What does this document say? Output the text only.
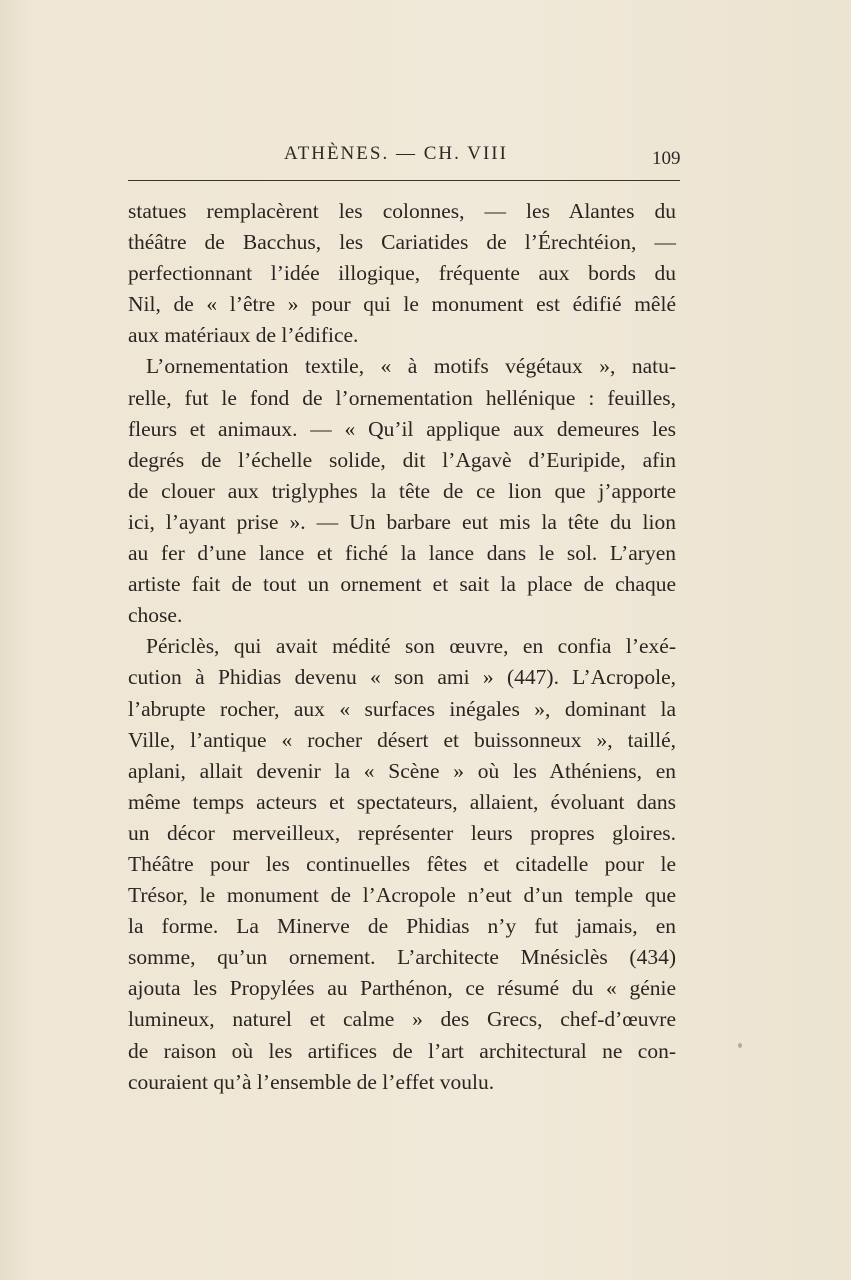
ATHÈNES. — CH. VIII	109
statues remplacèrent les colonnes, — les Alantes du
théâtre de Bacchus, les Cariatides de l’Érechtéion, —
perfectionnant l’idée illogique, fréquente aux bords du
Nil, de « l’être » pour qui le monument est édifié mêlé
aux matériaux de l’édifice.
L’ornementation textile, « à motifs végétaux », natu-
relle, fut le fond de l’ornementation hellénique : feuilles,
fleurs et animaux. — « Qu’il applique aux demeures les
degrés de l’échelle solide, dit l’Agavè d’Euripide, afin
de clouer aux triglyphes la tête de ce lion que j’apporte
ici, l’ayant prise ». — Un barbare eut mis la tête du lion
au fer d’une lance et fiché la lance dans le sol. L’aryen
artiste fait de tout un ornement et sait la place de chaque
chose.
Périclès, qui avait médité son œuvre, en confia l’exé-
cution à Phidias devenu « son ami » (447). L’Acropole,
l’abrupte rocher, aux « surfaces inégales », dominant la
Ville, l’antique « rocher désert et buissonneux », taillé,
aplani, allait devenir la « Scène » où les Athéniens, en
même temps acteurs et spectateurs, allaient, évoluant dans
un décor merveilleux, représenter leurs propres gloires.
Théâtre pour les continuelles fêtes et citadelle pour le
Trésor, le monument de l’Acropole n’eut d’un temple que
la forme. La Minerve de Phidias n’y fut jamais, en
somme, qu’un ornement. L’architecte Mnésiclès (434)
ajouta les Propylées au Parthénon, ce résumé du « génie
lumineux, naturel et calme » des Grecs, chef-d’œuvre
de raison où les artifices de l’art architectural ne con-
couraient qu’à l’ensemble de l’effet voulu.
